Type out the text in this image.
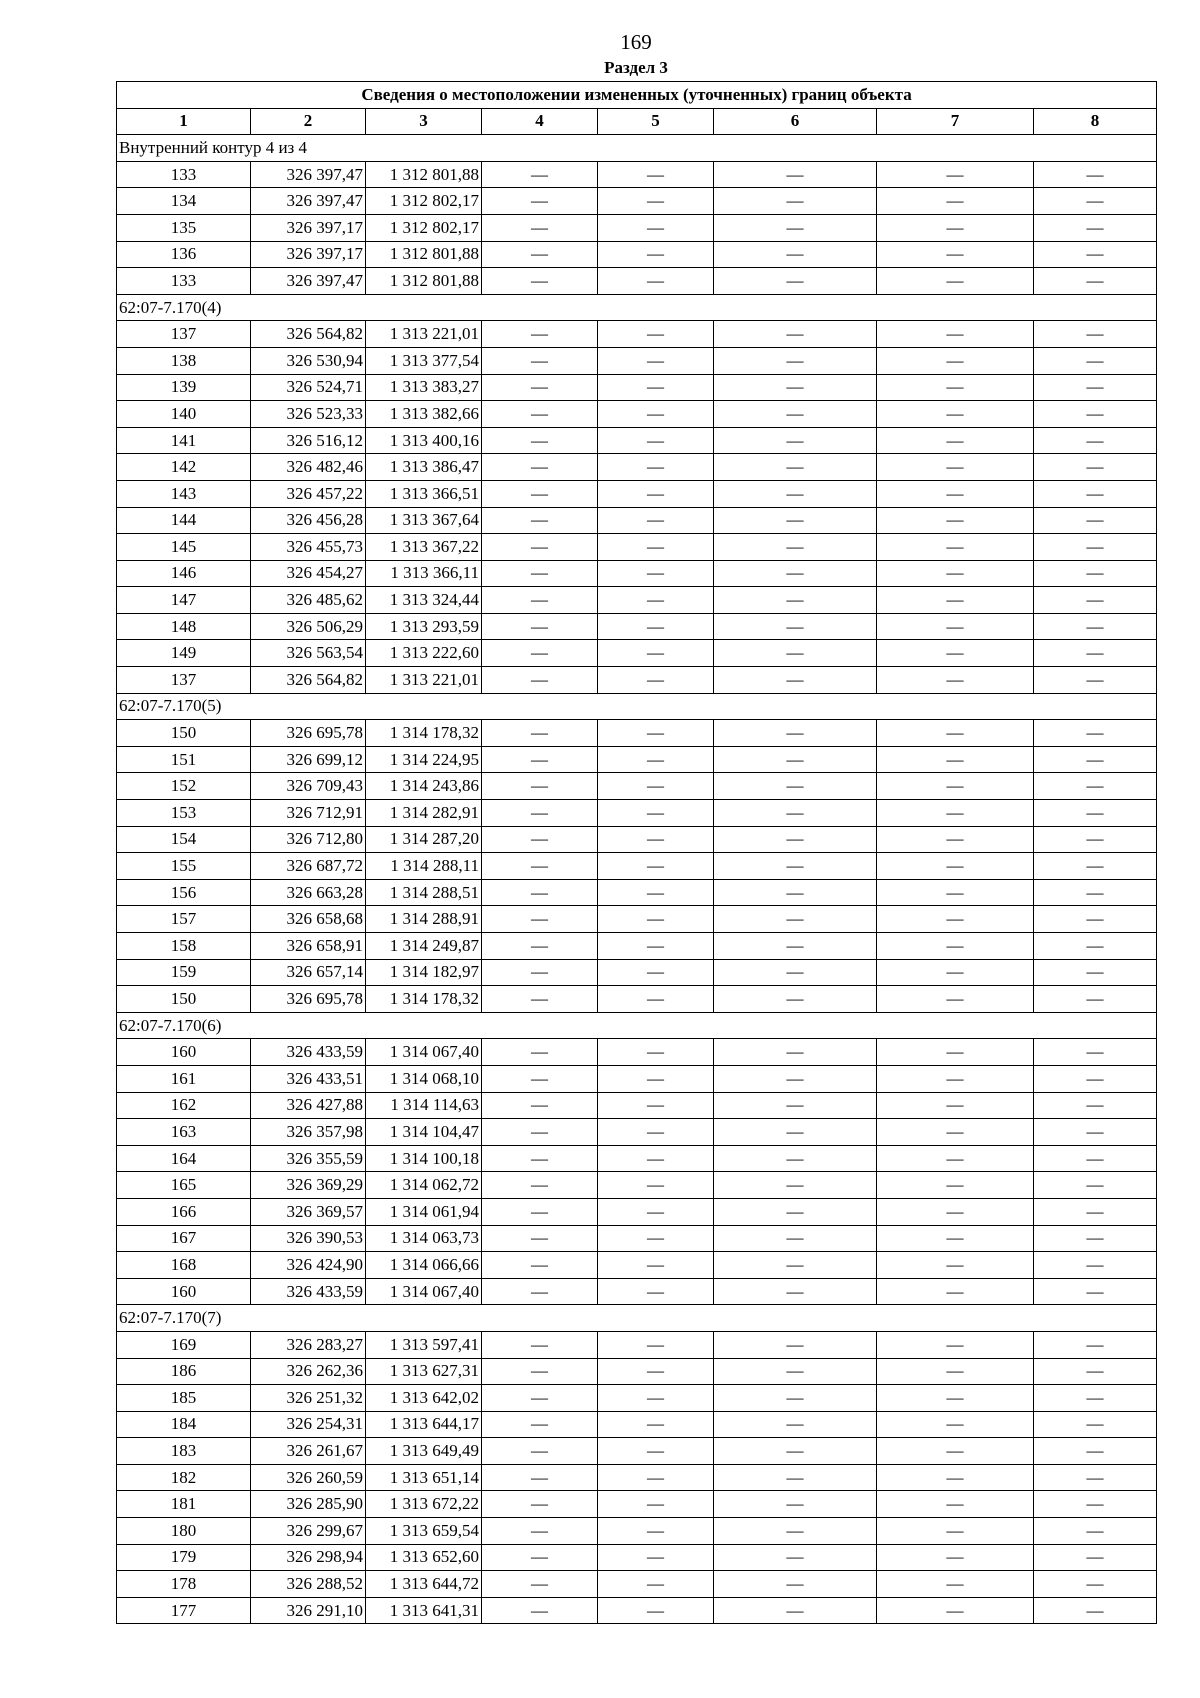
169
Раздел 3
Сведения о местоположении измененных (уточненных) границ объекта							
1	2	3	4	5	6	7	8
Внутренний контур 4 из 4							
133	326 397,47	1 312 801,88	—	—	—	—	—
134	326 397,47	1 312 802,17	—	—	—	—	—
135	326 397,17	1 312 802,17	—	—	—	—	—
136	326 397,17	1 312 801,88	—	—	—	—	—
133	326 397,47	1 312 801,88	—	—	—	—	—
62:07-7.170(4)							
137	326 564,82	1 313 221,01	—	—	—	—	—
138	326 530,94	1 313 377,54	—	—	—	—	—
139	326 524,71	1 313 383,27	—	—	—	—	—
140	326 523,33	1 313 382,66	—	—	—	—	—
141	326 516,12	1 313 400,16	—	—	—	—	—
142	326 482,46	1 313 386,47	—	—	—	—	—
143	326 457,22	1 313 366,51	—	—	—	—	—
144	326 456,28	1 313 367,64	—	—	—	—	—
145	326 455,73	1 313 367,22	—	—	—	—	—
146	326 454,27	1 313 366,11	—	—	—	—	—
147	326 485,62	1 313 324,44	—	—	—	—	—
148	326 506,29	1 313 293,59	—	—	—	—	—
149	326 563,54	1 313 222,60	—	—	—	—	—
137	326 564,82	1 313 221,01	—	—	—	—	—
62:07-7.170(5)							
150	326 695,78	1 314 178,32	—	—	—	—	—
151	326 699,12	1 314 224,95	—	—	—	—	—
152	326 709,43	1 314 243,86	—	—	—	—	—
153	326 712,91	1 314 282,91	—	—	—	—	—
154	326 712,80	1 314 287,20	—	—	—	—	—
155	326 687,72	1 314 288,11	—	—	—	—	—
156	326 663,28	1 314 288,51	—	—	—	—	—
157	326 658,68	1 314 288,91	—	—	—	—	—
158	326 658,91	1 314 249,87	—	—	—	—	—
159	326 657,14	1 314 182,97	—	—	—	—	—
150	326 695,78	1 314 178,32	—	—	—	—	—
62:07-7.170(6)							
160	326 433,59	1 314 067,40	—	—	—	—	—
161	326 433,51	1 314 068,10	—	—	—	—	—
162	326 427,88	1 314 114,63	—	—	—	—	—
163	326 357,98	1 314 104,47	—	—	—	—	—
164	326 355,59	1 314 100,18	—	—	—	—	—
165	326 369,29	1 314 062,72	—	—	—	—	—
166	326 369,57	1 314 061,94	—	—	—	—	—
167	326 390,53	1 314 063,73	—	—	—	—	—
168	326 424,90	1 314 066,66	—	—	—	—	—
160	326 433,59	1 314 067,40	—	—	—	—	—
62:07-7.170(7)							
169	326 283,27	1 313 597,41	—	—	—	—	—
186	326 262,36	1 313 627,31	—	—	—	—	—
185	326 251,32	1 313 642,02	—	—	—	—	—
184	326 254,31	1 313 644,17	—	—	—	—	—
183	326 261,67	1 313 649,49	—	—	—	—	—
182	326 260,59	1 313 651,14	—	—	—	—	—
181	326 285,90	1 313 672,22	—	—	—	—	—
180	326 299,67	1 313 659,54	—	—	—	—	—
179	326 298,94	1 313 652,60	—	—	—	—	—
178	326 288,52	1 313 644,72	—	—	—	—	—
177	326 291,10	1 313 641,31	—	—	—	—	—
